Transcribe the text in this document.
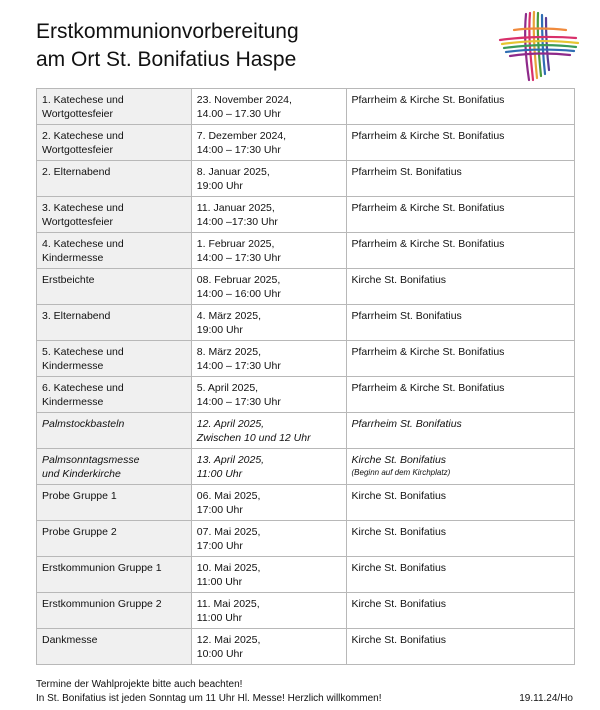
Erstkommunionvorbereitung
am Ort St. Bonifatius Haspe
1. Katechese und
Wortgottesfeier	23. November 2024,
14.00 – 17.30 Uhr	Pfarrheim & Kirche St. Bonifatius

2. Katechese und
Wortgottesfeier	7. Dezember 2024,
14:00 – 17:30 Uhr	Pfarrheim & Kirche St. Bonifatius

2. Elternabend	8. Januar 2025,
19:00 Uhr	Pfarrheim St. Bonifatius

3. Katechese und
Wortgottesfeier	11. Januar 2025,
14:00 –17:30 Uhr	Pfarrheim & Kirche St. Bonifatius

4. Katechese und
Kindermesse	1. Februar 2025,
14:00 – 17:30 Uhr	Pfarrheim & Kirche St. Bonifatius

Erstbeichte	08. Februar 2025,
14:00 – 16:00 Uhr	Kirche St. Bonifatius

3. Elternabend	4. März 2025,
19:00 Uhr	Pfarrheim St. Bonifatius

5. Katechese und
Kindermesse	8. März 2025,
14:00 – 17:30 Uhr	Pfarrheim & Kirche St. Bonifatius

6. Katechese und
Kindermesse	5. April 2025,
14:00 – 17:30 Uhr	Pfarrheim & Kirche St. Bonifatius

Palmstockbasteln	12. April 2025,
Zwischen 10 und 12 Uhr	Pfarrheim St. Bonifatius

Palmsonntagsmesse
und Kinderkirche	13. April 2025,
11:00 Uhr	Kirche St. Bonifatius
(Beginn auf dem Kirchplatz)

Probe Gruppe 1	06. Mai 2025,
17:00 Uhr	Kirche St. Bonifatius

Probe Gruppe 2	07. Mai 2025,
17:00 Uhr	Kirche St. Bonifatius

Erstkommunion Gruppe 1	10. Mai 2025,
11:00 Uhr	Kirche St. Bonifatius

Erstkommunion Gruppe 2	11. Mai 2025,
11:00 Uhr	Kirche St. Bonifatius

Dankmesse	12. Mai 2025,
10:00 Uhr	Kirche St. Bonifatius
Termine der Wahlprojekte bitte auch beachten!
In St. Bonifatius ist jeden Sonntag um 11 Uhr Hl. Messe! Herzlich willkommen!	19.11.24/Ho
